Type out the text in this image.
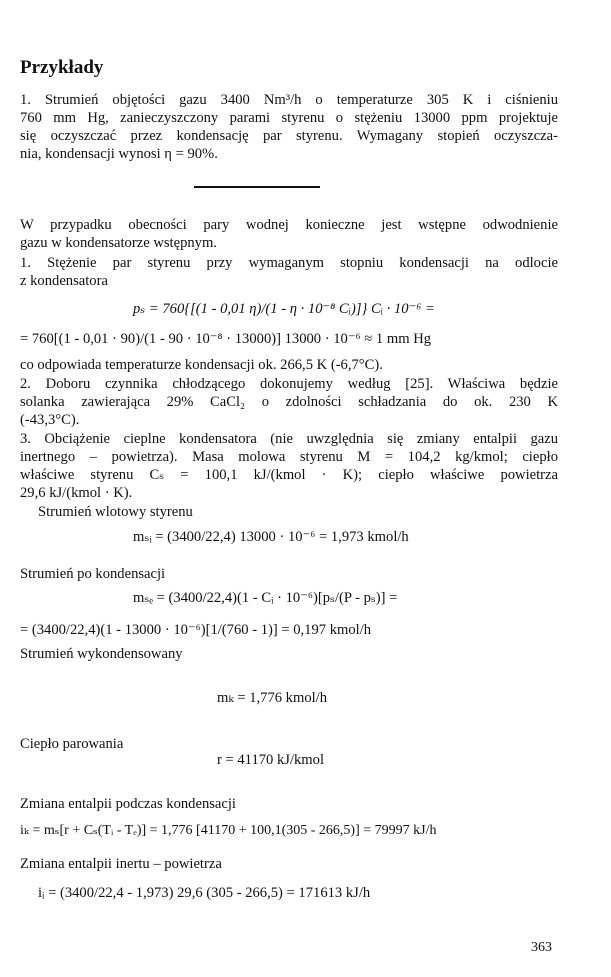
Przykłady
1. Strumień objętości gazu 3400 Nm³/h o temperaturze 305 K i ciśnieniu
760 mm Hg, zanieczyszczony parami styrenu o stężeniu 13000 ppm projektuje
się oczyszczać przez kondensację par styrenu. Wymagany stopień oczyszcza-
nia, kondensacji wynosi η = 90%.
W przypadku obecności pary wodnej konieczne jest wstępne odwodnienie
gazu w kondensatorze wstępnym.
1. Stężenie par styrenu przy wymaganym stopniu kondensacji na odlocie
z kondensatora
pₛ = 760{[(1 - 0,01 η)/(1 - η · 10⁻⁸ Cᵢ)]} Cᵢ · 10⁻⁶ =
= 760[(1 - 0,01 · 90)/(1 - 90 · 10⁻⁸ · 13000)] 13000 · 10⁻⁶ ≈ 1 mm Hg
co odpowiada temperaturze kondensacji ok. 266,5 K (-6,7°C).
2. Doboru czynnika chłodzącego dokonujemy według [25]. Właściwa będzie
solanka zawierająca 29% CaCl₂ o zdolności schładzania do ok. 230 K
(-43,3°C).
3. Obciążenie cieplne kondensatora (nie uwzględnia się zmiany entalpii gazu
inertnego – powietrza). Masa molowa styrenu M = 104,2 kg/kmol; ciepło
właściwe styrenu Cₛ = 100,1 kJ/(kmol · K); ciepło właściwe powietrza
29,6 kJ/(kmol · K).
Strumień wlotowy styrenu
mₛᵢ = (3400/22,4) 13000 · 10⁻⁶ = 1,973 kmol/h
Strumień po kondensacji
mₛₑ = (3400/22,4)(1 - Cᵢ · 10⁻⁶)[pₛ/(P - pₛ)] =
= (3400/22,4)(1 - 13000 · 10⁻⁶)[1/(760 - 1)] = 0,197 kmol/h
Strumień wykondensowany
mₖ = 1,776 kmol/h
Ciepło parowania
r = 41170 kJ/kmol
Zmiana entalpii podczas kondensacji
iₖ = mₛ[r + Cₛ(Tᵢ - Tₑ)] = 1,776 [41170 + 100,1(305 - 266,5)] = 79997 kJ/h
Zmiana entalpii inertu – powietrza
iᵢ = (3400/22,4 - 1,973) 29,6 (305 - 266,5) = 171613 kJ/h
363
